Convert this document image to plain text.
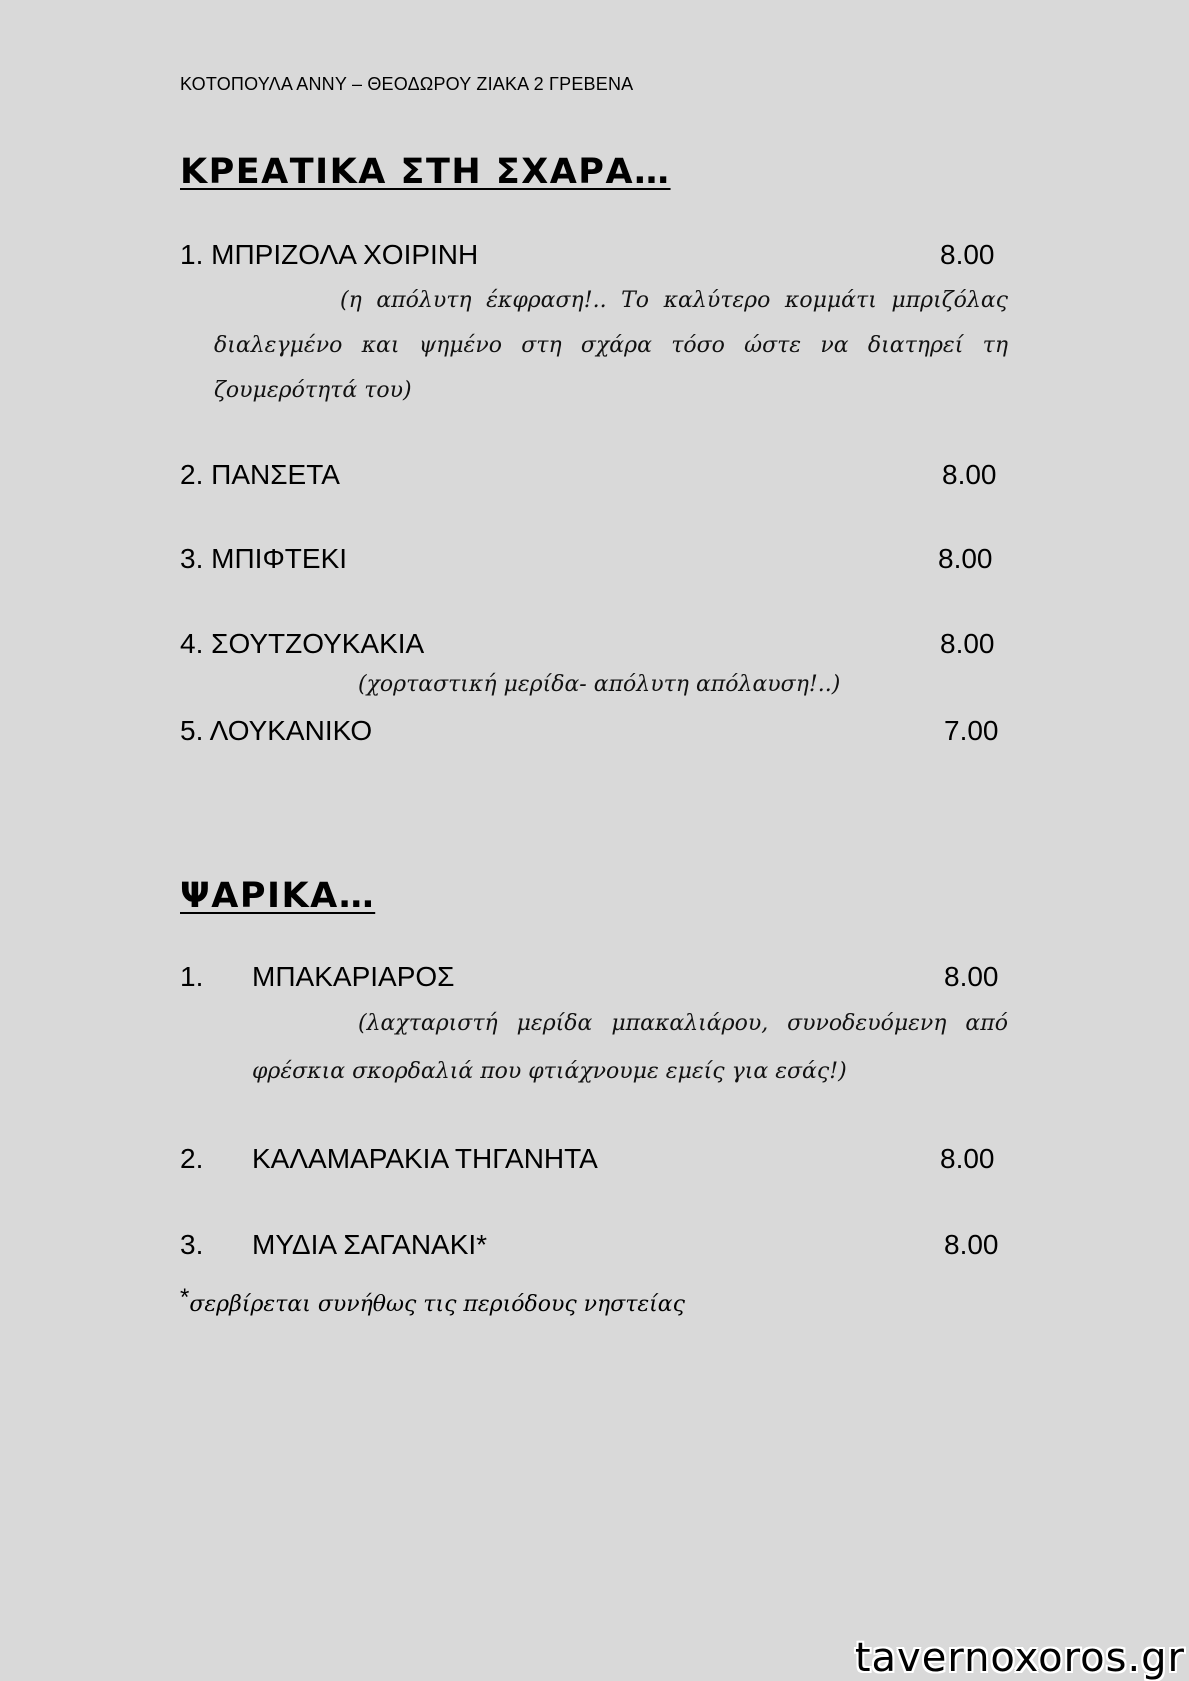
ΚΟΤΟΠΟΥΛΑ ΑΝΝΥ – ΘΕΟΔΩΡΟΥ ΖΙΑΚΑ 2 ΓΡΕΒΕΝΑ
ΚΡΕΑΤΙΚΑ ΣΤΗ ΣΧΑΡΑ…
1. ΜΠΡΙΖΟΛΑ ΧΟΙΡΙΝΗ	8.00
(η απόλυτη έκφραση!.. Το καλύτερο κομμάτι μπριζόλας διαλεγμένο και ψημένο στη σχάρα τόσο ώστε να διατηρεί τη ζουμερότητά του)
2. ΠΑΝΣΕΤΑ	8.00
3. ΜΠΙΦΤΕΚΙ	8.00
4. ΣΟΥΤΖΟΥΚΑΚΙΑ	8.00
(χορταστική μερίδα- απόλυτη απόλαυση!..)
5. ΛΟΥΚΑΝΙΚΟ	7.00
ΨΑΡΙΚΑ…
1. ΜΠΑΚΑΡΙΑΡΟΣ	8.00
(λαχταριστή μερίδα μπακαλιάρου, συνοδευόμενη από φρέσκια σκορδαλιά που φτιάχνουμε εμείς για εσάς!)
2. ΚΑΛΑΜΑΡΑΚΙΑ ΤΗΓΑΝΗΤΑ	8.00
3. ΜΥΔΙΑ ΣΑΓΑΝΑΚΙ*	8.00
*σερβίρεται συνήθως τις περιόδους νηστείας
tavernoxoros.gr
